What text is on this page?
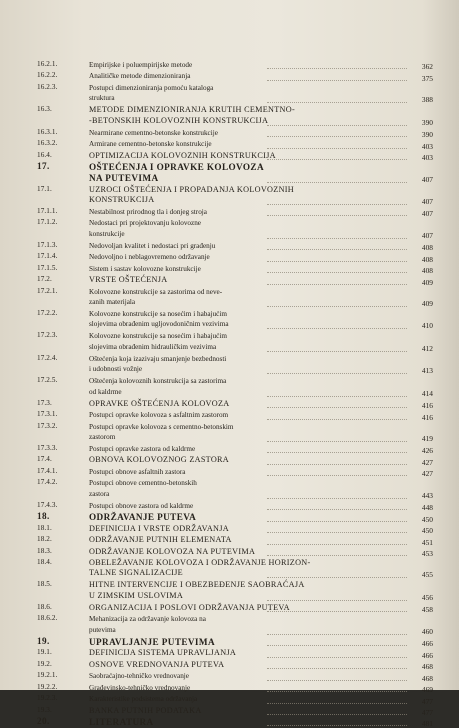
16.2.1.	Empirijske i poluempirijske metode	362
16.2.2.	Analitičke metode dimenzioniranja	375
16.2.3.	Postupci dimenzioniranja pomoću kataloga
struktura	388
16.3.	METODE DIMENZIONIRANJA KRUTIH CEMENTNO-
-BETONSKIH KOLOVOZNIH KONSTRUKCIJA	390
16.3.1.	Nearmirane cementno-betonske konstrukcije	390
16.3.2.	Armirane cementno-betonske konstrukcije	403
16.4.	OPTIMIZACIJA KOLOVOZNIH KONSTRUKCIJA	403
17.	OŠTEĆENJA I OPRAVKE KOLOVOZA
NA PUTEVIMA	407
17.1.	UZROCI OŠTEĆENJA I PROPADANJA KOLOVOZNIH
KONSTRUKCIJA	407
17.1.1.	Nestabilnost prirodnog tla i donjeg stroja	407
17.1.2.	Nedostaci pri projektovanju kolovozne
konstrukcije	407
17.1.3.	Nedovoljan kvalitet i nedostaci pri građenju	408
17.1.4.	Nedovoljno i neblagovremeno održavanje	408
17.1.5.	Sistem i sastav kolovozne konstrukcije	408
17.2.	VRSTE OŠTEĆENJA	409
17.2.1.	Kolovozne konstrukcije sa zastorima od neve-
zanih materijala	409
17.2.2.	Kolovozne konstrukcije sa nosećim i habajućim
slojevima obrađenim ugljovodoničnim vezivima	410
17.2.3.	Kolovozne konstrukcije sa nosećim i habajućim
slojevima obrađenim hidrauličkim vezivima	412
17.2.4.	Oštećenja koja izazivaju smanjenje bezbednosti
i udobnosti vožnje	413
17.2.5.	Oštećenja kolovoznih konstrukcija sa zastorima
od kaldrme	414
17.3.	OPRAVKE OŠTEĆENJA KOLOVOZA	416
17.3.1.	Postupci opravke kolovoza s asfaltnim zastorom	416
17.3.2.	Postupci opravke kolovoza s cementno-betonskim
zastorom	419
17.3.3.	Postupci opravke zastora od kaldrme	426
17.4.	OBNOVA KOLOVOZNOG ZASTORA	427
17.4.1.	Postupci obnove asfaltnih zastora	427
17.4.2.	Postupci obnove cementno-betonskih
zastora	443
17.4.3.	Postupci obnove zastora od kaldrme	448
18.	ODRŽAVANJE PUTEVA	450
18.1.	DEFINICIJA I VRSTE ODRŽAVANJA	450
18.2.	ODRŽAVANJE PUTNIH ELEMENATA	451
18.3.	ODRŽAVANJE KOLOVOZA NA PUTEVIMA	453
18.4.	OBELEŽAVANJE KOLOVOZA I ODRŽAVANJE HORIZON-
TALNE SIGNALIZACIJE	455
18.5.	HITNE INTERVENCIJE I OBEZBEĐENJE SAOBRAĆAJA
U ZIMSKIM USLOVIMA	456
18.6.	ORGANIZACIJA I POSLOVI ODRŽAVANJA PUTEVA	458
18.6.2.	Mehanizacija za održavanje kolovoza na
putevima	460
19.	UPRAVLJANJE PUTEVIMA	466
19.1.	DEFINICIJA SISTEMA UPRAVLJANJA	466
19.2.	OSNOVE VREDNOVANJA PUTEVA	468
19.2.1.	Saobraćajno-tehničko vrednovanje	468
19.2.2.	Građevinsko-tehničko vrednovanje	469
19.2.3.	Karakteristike podsistema održavanja	477
19.3.	BANKA PUTNIH PODATAKA	477
20.	LITERATURA	481
